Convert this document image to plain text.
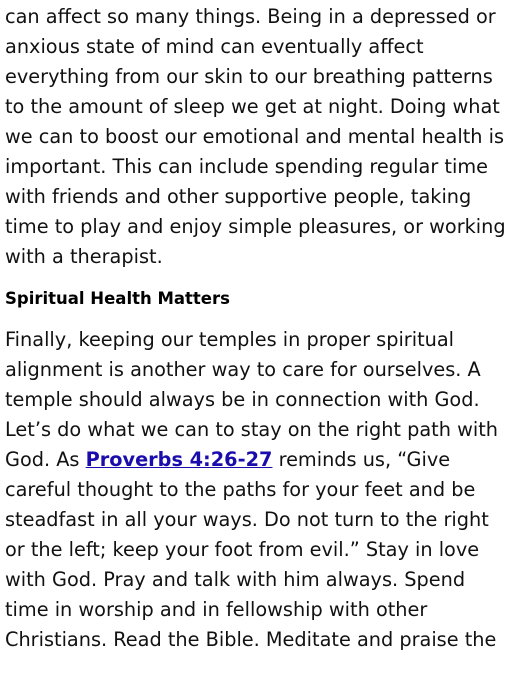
can affect so many things. Being in a depressed or
anxious state of mind can eventually affect
everything from our skin to our breathing patterns
to the amount of sleep we get at night. Doing what
we can to boost our emotional and mental health is
important. This can include spending regular time
with friends and other supportive people, taking
time to play and enjoy simple pleasures, or working
with a therapist.

Spiritual Health Matters

Finally, keeping our temples in proper spiritual
alignment is another way to care for ourselves. A
temple should always be in connection with God.
Let’s do what we can to stay on the right path with
God. As Proverbs 4:26-27 reminds us, “Give
careful thought to the paths for your feet and be
steadfast in all your ways. Do not turn to the right
or the left; keep your foot from evil.” Stay in love
with God. Pray and talk with him always. Spend
time in worship and in fellowship with other
Christians. Read the Bible. Meditate and praise the
